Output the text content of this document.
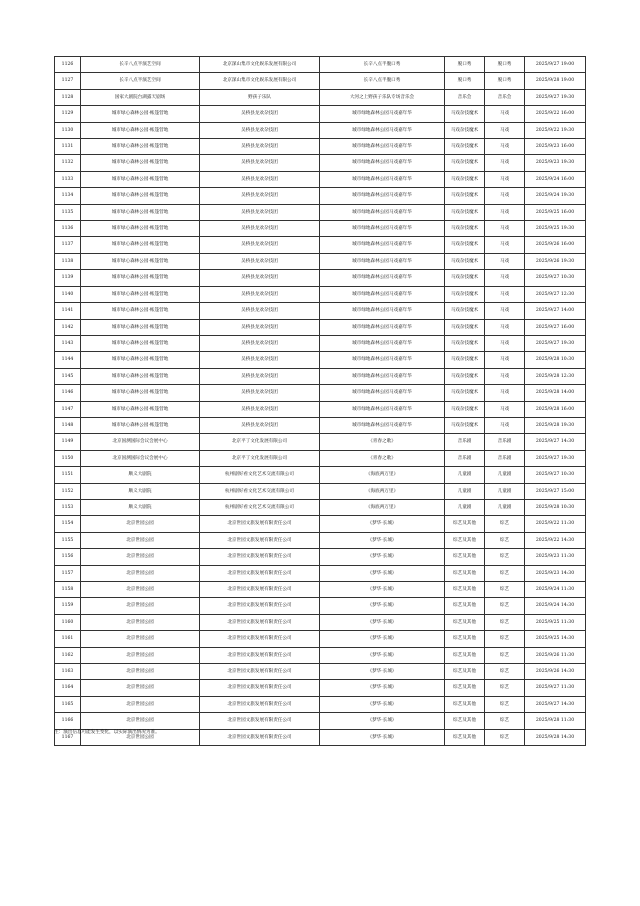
1126	长辛八点半演艺空间	北京深山集市文化娱乐发展有限公司	长辛八点半腹口秀	脱口秀	脱口秀	2025/9/27 19:00
1127	长辛八点半演艺空间	北京深山集市文化娱乐发展有限公司	长辛八点半腹口秀	脱口秀	脱口秀	2025/9/28 19:00
1128	国家大剧院台湖露天剧场	野孩子乐队	大河之上野孩子乐队专场音乐会	音乐会	音乐会	2025/9/27 19:30
1129	城市绿心森林公园·帐篷营地	吴桥县龙欢杂技团	城市绿地森林公园马戏嘉年华	马戏杂技魔术	马戏	2025/9/22 16:00
1130	城市绿心森林公园·帐篷营地	吴桥县龙欢杂技团	城市绿地森林公园马戏嘉年华	马戏杂技魔术	马戏	2025/9/22 19:30
1131	城市绿心森林公园·帐篷营地	吴桥县龙欢杂技团	城市绿地森林公园马戏嘉年华	马戏杂技魔术	马戏	2025/9/23 16:00
1132	城市绿心森林公园·帐篷营地	吴桥县龙欢杂技团	城市绿地森林公园马戏嘉年华	马戏杂技魔术	马戏	2025/9/23 19:30
1133	城市绿心森林公园·帐篷营地	吴桥县龙欢杂技团	城市绿地森林公园马戏嘉年华	马戏杂技魔术	马戏	2025/9/24 16:00
1134	城市绿心森林公园·帐篷营地	吴桥县龙欢杂技团	城市绿地森林公园马戏嘉年华	马戏杂技魔术	马戏	2025/9/24 19:30
1135	城市绿心森林公园·帐篷营地	吴桥县龙欢杂技团	城市绿地森林公园马戏嘉年华	马戏杂技魔术	马戏	2025/9/25 16:00
1136	城市绿心森林公园·帐篷营地	吴桥县龙欢杂技团	城市绿地森林公园马戏嘉年华	马戏杂技魔术	马戏	2025/9/25 19:30
1137	城市绿心森林公园·帐篷营地	吴桥县龙欢杂技团	城市绿地森林公园马戏嘉年华	马戏杂技魔术	马戏	2025/9/26 16:00
1138	城市绿心森林公园·帐篷营地	吴桥县龙欢杂技团	城市绿地森林公园马戏嘉年华	马戏杂技魔术	马戏	2025/9/26 19:30
1139	城市绿心森林公园·帐篷营地	吴桥县龙欢杂技团	城市绿地森林公园马戏嘉年华	马戏杂技魔术	马戏	2025/9/27 10:30
1140	城市绿心森林公园·帐篷营地	吴桥县龙欢杂技团	城市绿地森林公园马戏嘉年华	马戏杂技魔术	马戏	2025/9/27 12:30
1141	城市绿心森林公园·帐篷营地	吴桥县龙欢杂技团	城市绿地森林公园马戏嘉年华	马戏杂技魔术	马戏	2025/9/27 14:00
1142	城市绿心森林公园·帐篷营地	吴桥县龙欢杂技团	城市绿地森林公园马戏嘉年华	马戏杂技魔术	马戏	2025/9/27 16:00
1143	城市绿心森林公园·帐篷营地	吴桥县龙欢杂技团	城市绿地森林公园马戏嘉年华	马戏杂技魔术	马戏	2025/9/27 19:30
1144	城市绿心森林公园·帐篷营地	吴桥县龙欢杂技团	城市绿地森林公园马戏嘉年华	马戏杂技魔术	马戏	2025/9/28 10:30
1145	城市绿心森林公园·帐篷营地	吴桥县龙欢杂技团	城市绿地森林公园马戏嘉年华	马戏杂技魔术	马戏	2025/9/28 12:30
1146	城市绿心森林公园·帐篷营地	吴桥县龙欢杂技团	城市绿地森林公园马戏嘉年华	马戏杂技魔术	马戏	2025/9/28 14:00
1147	城市绿心森林公园·帐篷营地	吴桥县龙欢杂技团	城市绿地森林公园马戏嘉年华	马戏杂技魔术	马戏	2025/9/28 16:00
1148	城市绿心森林公园·帐篷营地	吴桥县龙欢杂技团	城市绿地森林公园马戏嘉年华	马戏杂技魔术	马戏	2025/9/28 19:30
1149	北京国测国际会议会展中心	北京平丁文化发展有限公司	《青春之歌》	音乐剧	音乐剧	2025/9/27 14:30
1150	北京国测国际会议会展中心	北京平丁文化发展有限公司	《青春之歌》	音乐剧	音乐剧	2025/9/27 19:30
1151	顺义大剧院	杭州剧好看文化艺术交流有限公司	《海底两万里》	儿童剧	儿童剧	2025/9/27 10:30
1152	顺义大剧院	杭州剧好看文化艺术交流有限公司	《海底两万里》	儿童剧	儿童剧	2025/9/27 15:00
1153	顺义大剧院	杭州剧好看文化艺术交流有限公司	《海底两万里》	儿童剧	儿童剧	2025/9/28 10:30
1154	北京世园公园	北京世园文旅发展有限责任公司	《梦华·长城》	综艺及其他	综艺	2025/9/22 11:30
1155	北京世园公园	北京世园文旅发展有限责任公司	《梦华·长城》	综艺及其他	综艺	2025/9/22 14:30
1156	北京世园公园	北京世园文旅发展有限责任公司	《梦华·长城》	综艺及其他	综艺	2025/9/23 11:30
1157	北京世园公园	北京世园文旅发展有限责任公司	《梦华·长城》	综艺及其他	综艺	2025/9/23 14:30
1158	北京世园公园	北京世园文旅发展有限责任公司	《梦华·长城》	综艺及其他	综艺	2025/9/24 11:30
1159	北京世园公园	北京世园文旅发展有限责任公司	《梦华·长城》	综艺及其他	综艺	2025/9/24 14:30
1160	北京世园公园	北京世园文旅发展有限责任公司	《梦华·长城》	综艺及其他	综艺	2025/9/25 11:30
1161	北京世园公园	北京世园文旅发展有限责任公司	《梦华·长城》	综艺及其他	综艺	2025/9/25 14:30
1162	北京世园公园	北京世园文旅发展有限责任公司	《梦华·长城》	综艺及其他	综艺	2025/9/26 11:30
1163	北京世园公园	北京世园文旅发展有限责任公司	《梦华·长城》	综艺及其他	综艺	2025/9/26 14:30
1164	北京世园公园	北京世园文旅发展有限责任公司	《梦华·长城》	综艺及其他	综艺	2025/9/27 11:30
1165	北京世园公园	北京世园文旅发展有限责任公司	《梦华·长城》	综艺及其他	综艺	2025/9/27 14:30
1166	北京世园公园	北京世园文旅发展有限责任公司	《梦华·长城》	综艺及其他	综艺	2025/9/28 11:30
1167	北京世园公园	北京世园文旅发展有限责任公司	《梦华·长城》	综艺及其他	综艺	2025/9/28 14:30
注：演出信息可能发生变化，以实际演出情况为准。
